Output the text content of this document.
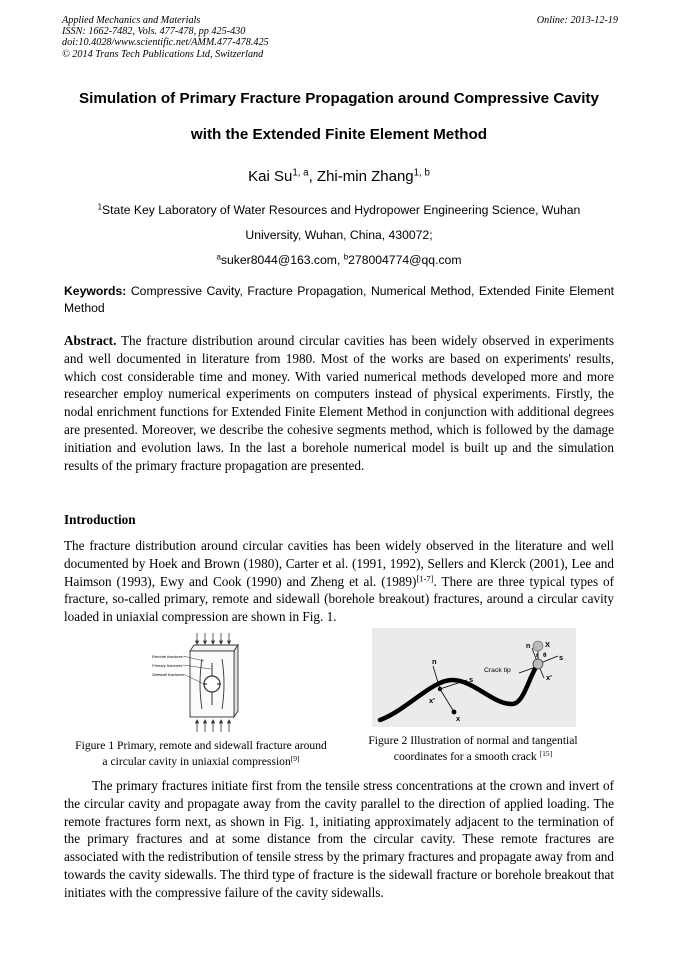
Applied Mechanics and Materials
ISSN: 1662-7482, Vols. 477-478, pp 425-430
doi:10.4028/www.scientific.net/AMM.477-478.425
© 2014 Trans Tech Publications Ltd, Switzerland
Online: 2013-12-19
Simulation of Primary Fracture Propagation around Compressive Cavity
with the Extended Finite Element Method
Kai Su$^{1, a}$, Zhi-min Zhang$^{1, b}$
$^1$State Key Laboratory of Water Resources and Hydropower Engineering Science, Wuhan
University, Wuhan, China, 430072;
$^a$suker8044@163.com, $^b$278004774@qq.com
Keywords: Compressive Cavity, Fracture Propagation, Numerical Method, Extended Finite Element Method
Abstract. The fracture distribution around circular cavities has been widely observed in experiments and well documented in literature from 1980. Most of the works are based on experiments' results, which cost considerable time and money. With varied numerical methods developed more and more researcher employ numerical experiments on computers instead of physical experiments. Firstly, the nodal enrichment functions for Extended Finite Element Method in conjunction with additional degrees are presented. Moreover, we describe the cohesive segments method, which is followed by the damage initiation and evolution laws. In the last a borehole numerical model is built up and the simulation results of the primary fracture propagation are presented.
Introduction
The fracture distribution around circular cavities has been widely observed in the literature and well documented by Hoek and Brown (1980), Carter et al. (1991, 1992), Sellers and Klerck (2001), Lee and Haimson (1993), Ewy and Cook (1990) and Zheng et al. (1989)[1-7]. There are three typical types of fracture, so-called primary, remote and sidewall (borehole breakout) fractures, around a circular cavity loaded in uniaxial compression are shown in Fig. 1.
Remote fractures
Primary fractures
Sidewall fractures
Figure 1 Primary, remote and sidewall fracture around
a circular cavity in uniaxial compression[9]
Crack tip
n
s
x'
x
n
r θ s
X
x'
Figure 2 Illustration of normal and tangential
coordinates for a smooth crack [15]
The primary fractures initiate first from the tensile stress concentrations at the crown and invert of the circular cavity and propagate away from the cavity parallel to the direction of applied loading. The remote fractures form next, as shown in Fig. 1, initiating approximately adjacent to the termination of the primary fractures and at some distance from the circular cavity. These remote fractures are associated with the redistribution of tensile stress by the primary fractures and propagate away from and towards the cavity sidewalls. The third type of fracture is the sidewall fracture or borehole breakout that initiates with the compressive failure of the cavity sidewalls.
